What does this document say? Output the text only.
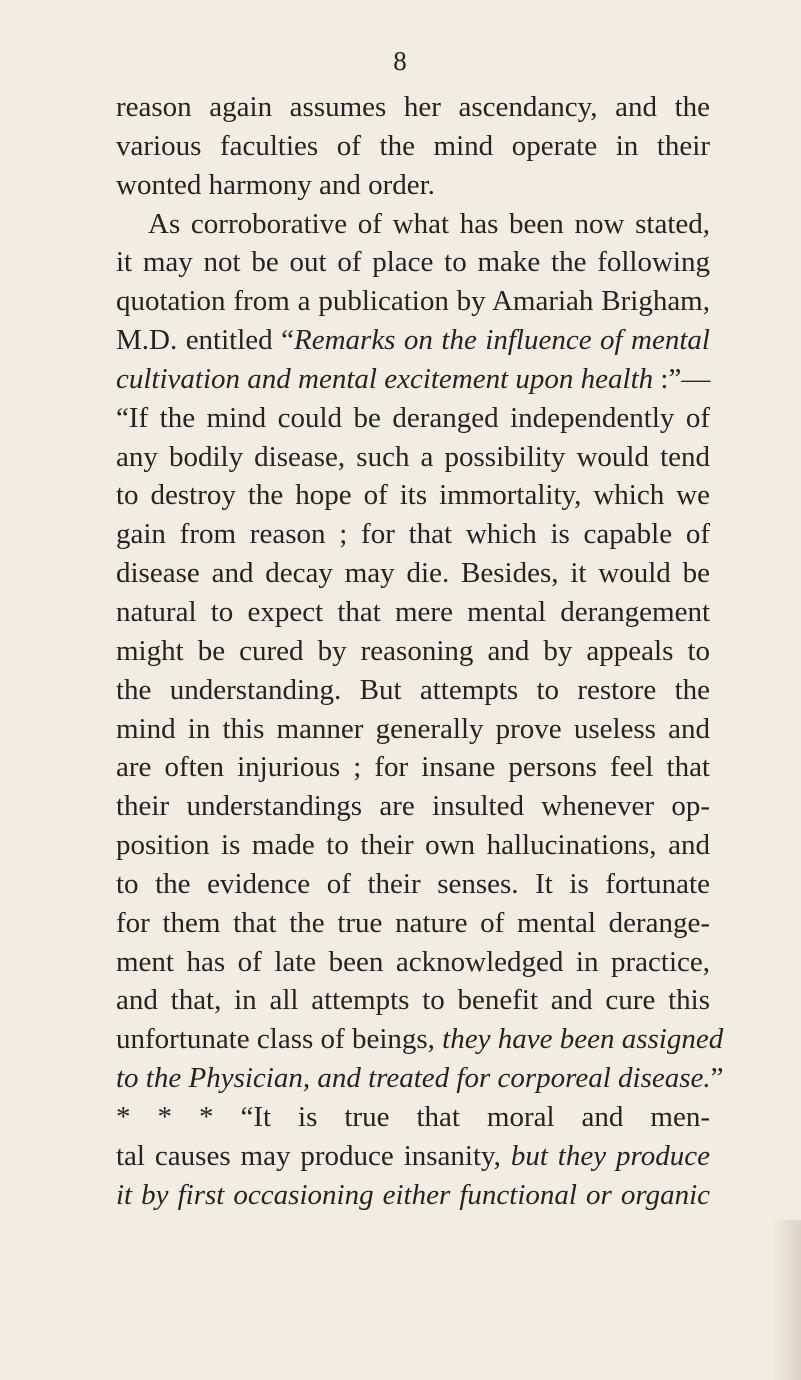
8
reason again assumes her ascendancy, and the
various faculties of the mind operate in their
wonted harmony and order.
As corroborative of what has been now stated,
it may not be out of place to make the following
quotation from a publication by Amariah Brigham,
M.D. entitled “Remarks on the influence of mental
cultivation and mental excitement upon health :”—
“If the mind could be deranged independently of
any bodily disease, such a possibility would tend
to destroy the hope of its immortality, which we
gain from reason ; for that which is capable of
disease and decay may die. Besides, it would be
natural to expect that mere mental derangement
might be cured by reasoning and by appeals to
the understanding. But attempts to restore the
mind in this manner generally prove useless and
are often injurious ; for insane persons feel that
their understandings are insulted whenever op-
position is made to their own hallucinations, and
to the evidence of their senses. It is fortunate
for them that the true nature of mental derange-
ment has of late been acknowledged in practice,
and that, in all attempts to benefit and cure this
unfortunate class of beings, they have been assigned
to the Physician, and treated for corporeal disease.”
* * * “It is true that moral and men-
tal causes may produce insanity, but they produce
it by first occasioning either functional or organic
